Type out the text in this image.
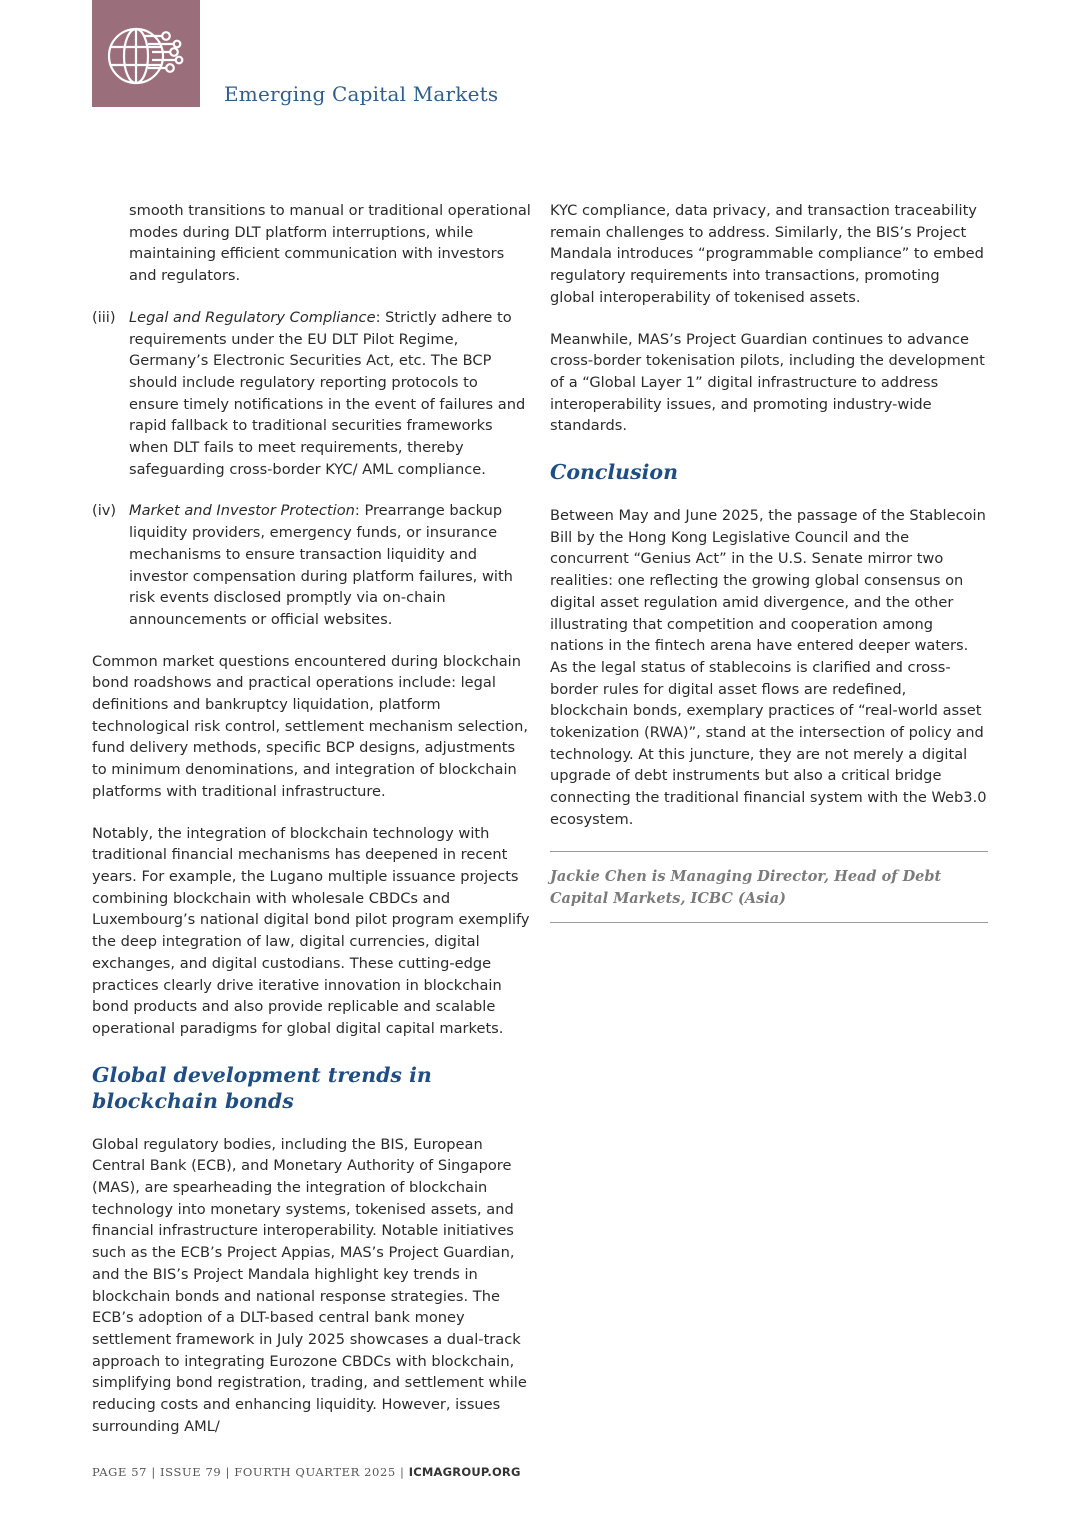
Emerging Capital Markets
smooth transitions to manual or traditional operational modes during DLT platform interruptions, while maintaining efficient communication with investors and regulators.
(iii) Legal and Regulatory Compliance: Strictly adhere to requirements under the EU DLT Pilot Regime, Germany’s Electronic Securities Act, etc. The BCP should include regulatory reporting protocols to ensure timely notifications in the event of failures and rapid fallback to traditional securities frameworks when DLT fails to meet requirements, thereby safeguarding cross-border KYC/ AML compliance.
(iv) Market and Investor Protection: Prearrange backup liquidity providers, emergency funds, or insurance mechanisms to ensure transaction liquidity and investor compensation during platform failures, with risk events disclosed promptly via on-chain announcements or official websites.

Common market questions encountered during blockchain bond roadshows and practical operations include: legal definitions and bankruptcy liquidation, platform technological risk control, settlement mechanism selection, fund delivery methods, specific BCP designs, adjustments to minimum denominations, and integration of blockchain platforms with traditional infrastructure.

Notably, the integration of blockchain technology with traditional financial mechanisms has deepened in recent years. For example, the Lugano multiple issuance projects combining blockchain with wholesale CBDCs and Luxembourg’s national digital bond pilot program exemplify the deep integration of law, digital currencies, digital exchanges, and digital custodians. These cutting-edge practices clearly drive iterative innovation in blockchain bond products and also provide replicable and scalable operational paradigms for global digital capital markets.

Global development trends in blockchain bonds

Global regulatory bodies, including the BIS, European Central Bank (ECB), and Monetary Authority of Singapore (MAS), are spearheading the integration of blockchain technology into monetary systems, tokenised assets, and financial infrastructure interoperability. Notable initiatives such as the ECB’s Project Appias, MAS’s Project Guardian, and the BIS’s Project Mandala highlight key trends in blockchain bonds and national response strategies. The ECB’s adoption of a DLT-based central bank money settlement framework in July 2025 showcases a dual-track approach to integrating Eurozone CBDCs with blockchain, simplifying bond registration, trading, and settlement while reducing costs and enhancing liquidity. However, issues surrounding AML/

KYC compliance, data privacy, and transaction traceability remain challenges to address. Similarly, the BIS’s Project Mandala introduces “programmable compliance” to embed regulatory requirements into transactions, promoting global interoperability of tokenised assets.

Meanwhile, MAS’s Project Guardian continues to advance cross-border tokenisation pilots, including the development of a “Global Layer 1” digital infrastructure to address interoperability issues, and promoting industry-wide standards.

Conclusion

Between May and June 2025, the passage of the Stablecoin Bill by the Hong Kong Legislative Council and the concurrent “Genius Act” in the U.S. Senate mirror two realities: one reflecting the growing global consensus on digital asset regulation amid divergence, and the other illustrating that competition and cooperation among nations in the fintech arena have entered deeper waters. As the legal status of stablecoins is clarified and cross- border rules for digital asset flows are redefined, blockchain bonds, exemplary practices of “real-world asset tokenization (RWA)”, stand at the intersection of policy and technology. At this juncture, they are not merely a digital upgrade of debt instruments but also a critical bridge connecting the traditional financial system with the Web3.0 ecosystem.

Jackie Chen is Managing Director, Head of Debt Capital Markets, ICBC (Asia)
PAGE 57 | ISSUE 79 | FOURTH QUARTER 2025 | ICMAGROUP.ORG
